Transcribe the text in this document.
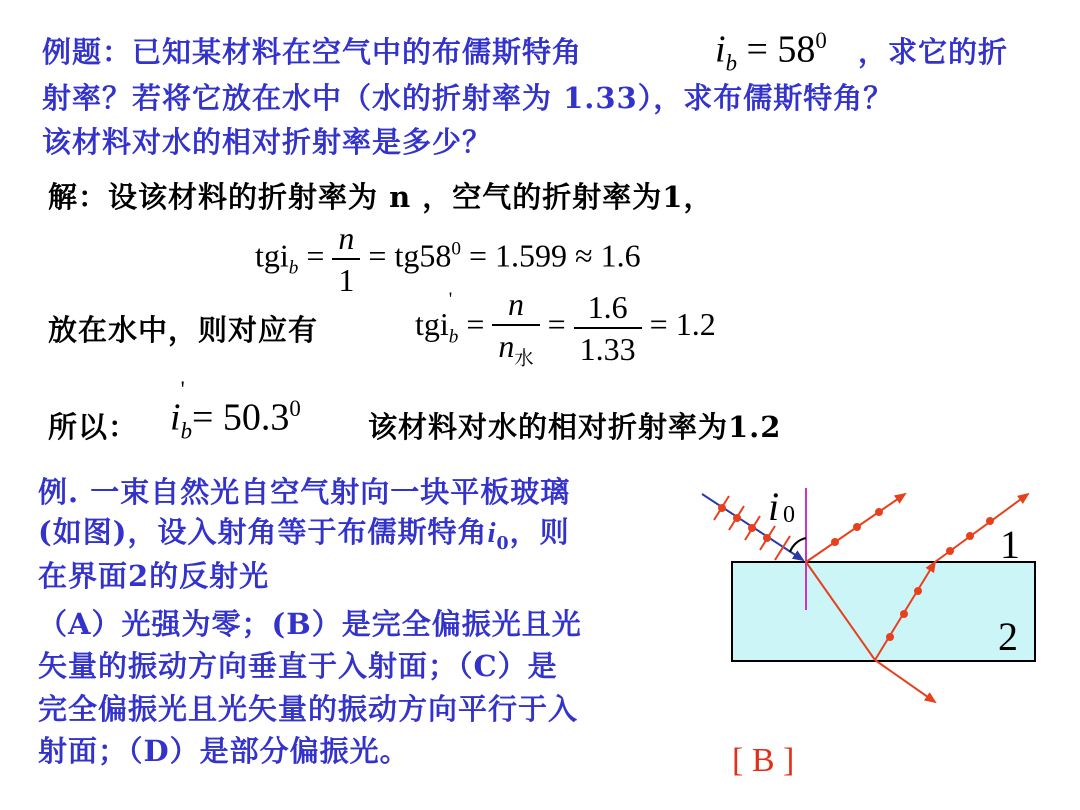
例题：已知某材料在空气中的布儒斯特角	$i_b = 58^0$ ，求它的折
射率？若将它放在水中（水的折射率为 1.33），求布儒斯特角？
该材料对水的相对折射率是多少？
解：设该材料的折射率为 n ，空气的折射率为1，
$tgi_b = \frac{n}{1} = tg58^0 = 1.599 \approx 1.6$
放在水中，则对应有	tgi
'
$_b = \frac{n}{n_水} = \frac{1.6}{1.33} = 1.2$
所以： i
'
$_b= 50.3^0$
该材料对水的相对折射率为1.2
例. 一束自然光自空气射向一块平板玻璃
(如图)，设入射角等于布儒斯特角$i_0$，则
在界面2的反射光
（A）光强为零；(B）是完全偏振光且光
矢量的振动方向垂直于入射面；（C）是
完全偏振光且光矢量的振动方向平行于入
射面；（D）是部分偏振光。	[ B ]
i 0
1
2
